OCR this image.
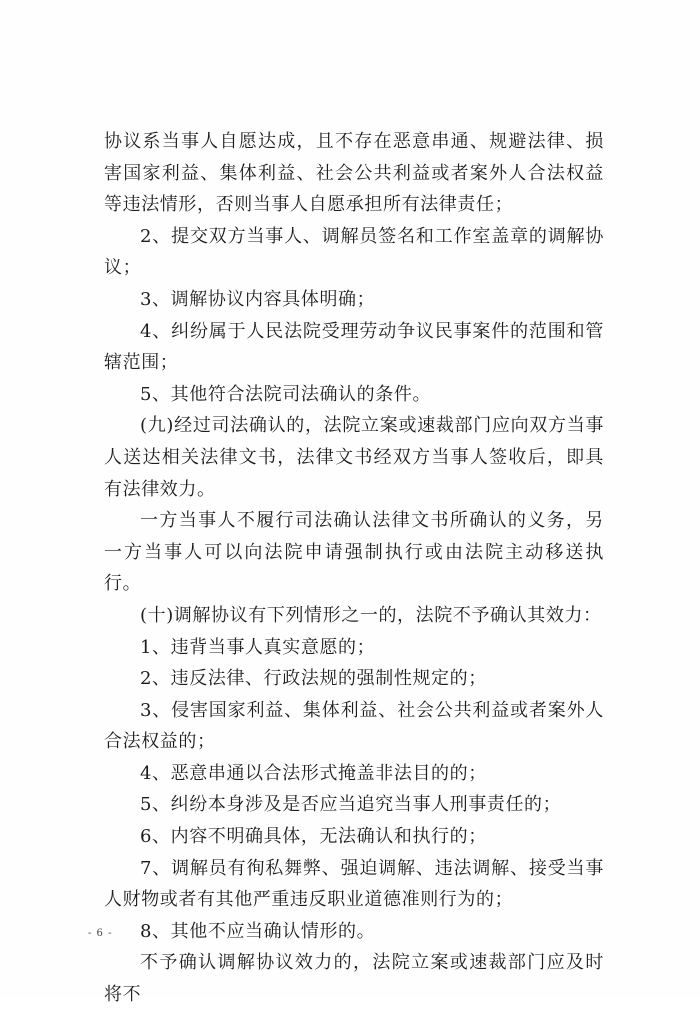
协议系当事人自愿达成，且不存在恶意串通、规避法律、损害国家利益、集体利益、社会公共利益或者案外人合法权益等违法情形，否则当事人自愿承担所有法律责任；

2、提交双方当事人、调解员签名和工作室盖章的调解协议；

3、调解协议内容具体明确；

4、纠纷属于人民法院受理劳动争议民事案件的范围和管辖范围；

5、其他符合法院司法确认的条件。

(九)经过司法确认的，法院立案或速裁部门应向双方当事人送达相关法律文书，法律文书经双方当事人签收后，即具有法律效力。

一方当事人不履行司法确认法律文书所确认的义务，另一方当事人可以向法院申请强制执行或由法院主动移送执行。

(十)调解协议有下列情形之一的，法院不予确认其效力：

1、违背当事人真实意愿的；

2、违反法律、行政法规的强制性规定的；

3、侵害国家利益、集体利益、社会公共利益或者案外人合法权益的；

4、恶意串通以合法形式掩盖非法目的的；

5、纠纷本身涉及是否应当追究当事人刑事责任的；

6、内容不明确具体，无法确认和执行的；

7、调解员有徇私舞弊、强迫调解、违法调解、接受当事人财物或者有其他严重违反职业道德准则行为的；

8、其他不应当确认情形的。

不予确认调解协议效力的，法院立案或速裁部门应及时将不

- 6 -
